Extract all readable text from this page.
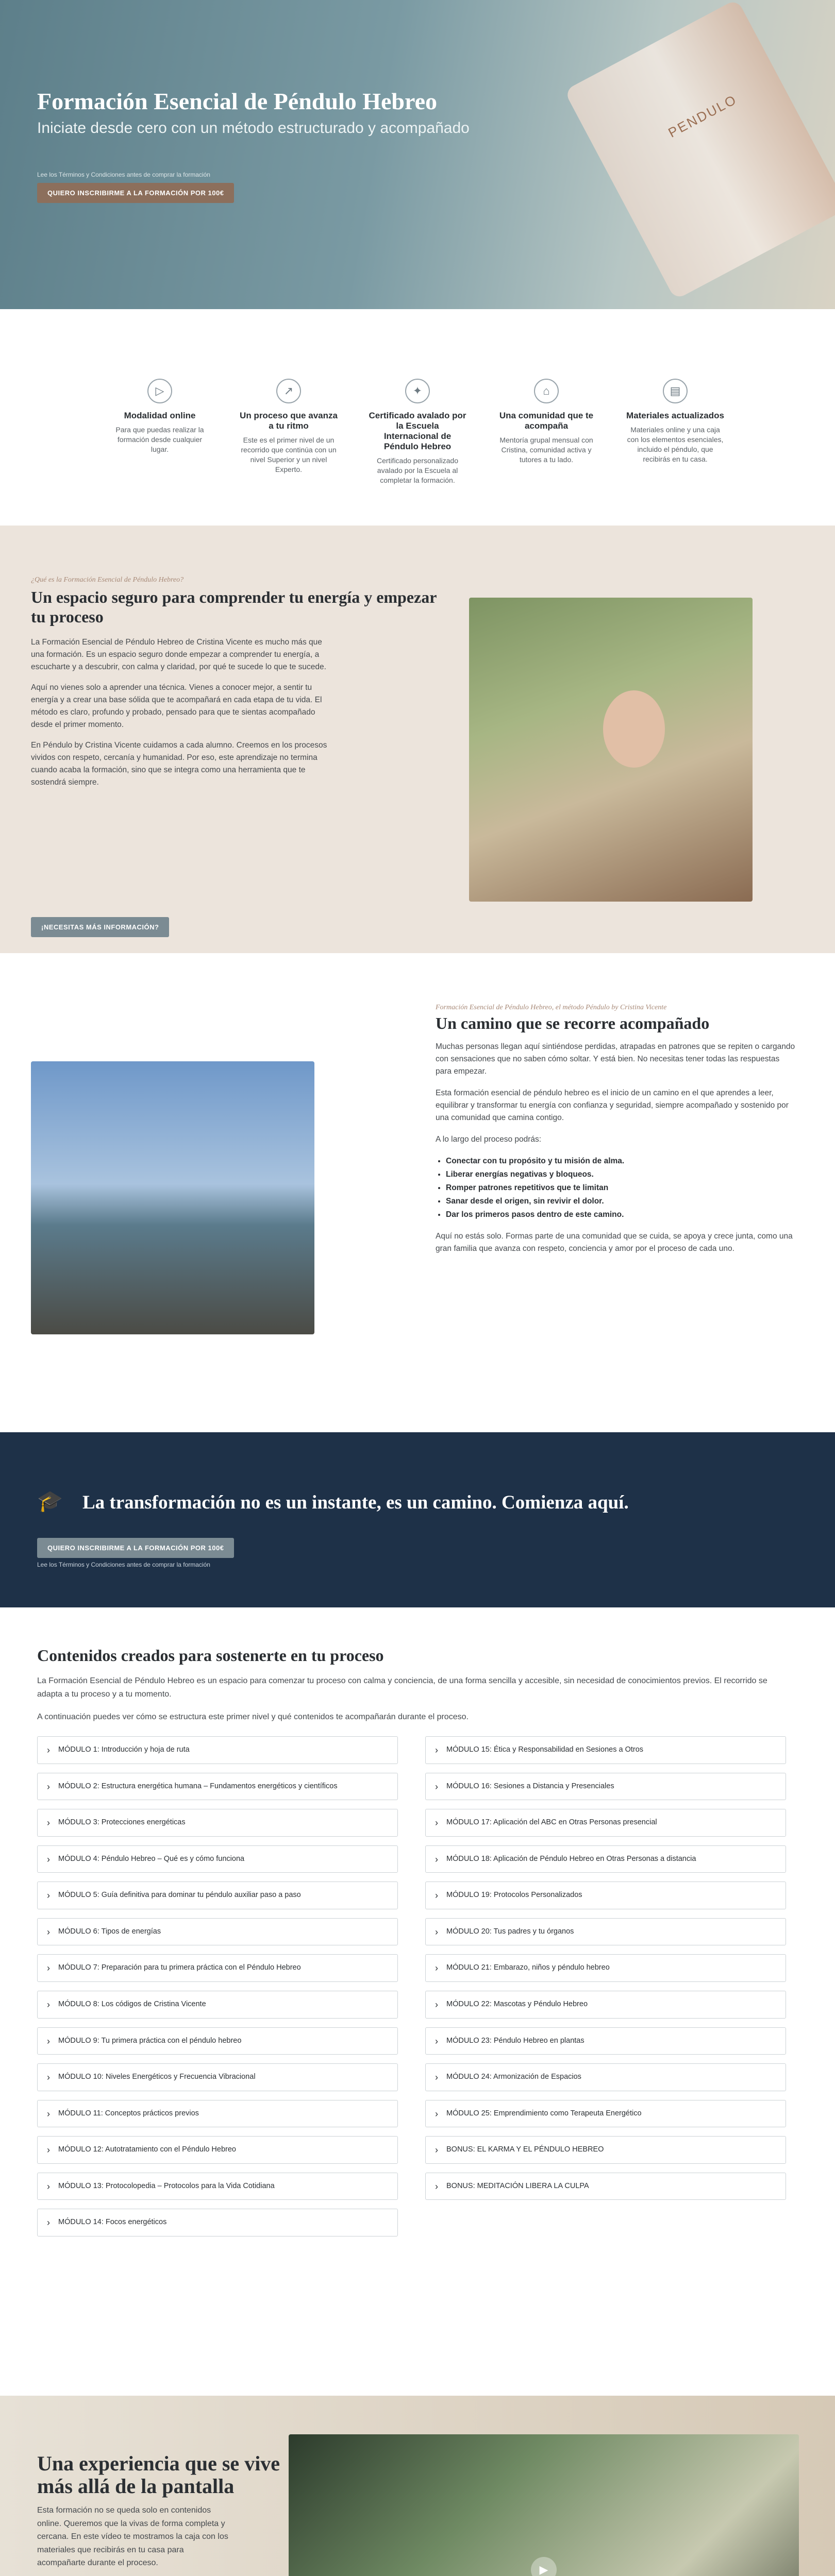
PENDULO
Formación Esencial de Péndulo Hebreo
Iniciate desde cero con un método estructurado y acompañado
Lee los Términos y Condiciones antes de comprar la formación
QUIERO INSCRIBIRME A LA FORMACIÓN POR 100€
▷
Modalidad online

Para que puedas realizar la formación desde cualquier lugar.

↗
Un proceso que avanza a tu ritmo

Este es el primer nivel de un recorrido que continúa con un nivel Superior y un nivel Experto.

✦
Certificado avalado por la Escuela Internacional de Péndulo Hebreo

Certificado personalizado avalado por la Escuela al completar la formación.

⌂
Una comunidad que te acompaña

Mentoría grupal mensual con Cristina, comunidad activa y tutores a tu lado.

▤
Materiales actualizados

Materiales online y una caja con los elementos esenciales, incluido el péndulo, que recibirás en tu casa.

¿Qué es la Formación Esencial de Péndulo Hebreo?
Un espacio seguro para comprender tu energía y empezar tu proceso

La Formación Esencial de Péndulo Hebreo de Cristina Vicente es mucho más que una formación. Es un espacio seguro donde empezar a comprender tu energía, a escucharte y a descubrir, con calma y claridad, por qué te sucede lo que te sucede.

Aquí no vienes solo a aprender una técnica. Vienes a conocer mejor, a sentir tu energía y a crear una base sólida que te acompañará en cada etapa de tu vida. El método es claro, profundo y probado, pensado para que te sientas acompañado desde el primer momento.

En Péndulo by Cristina Vicente cuidamos a cada alumno. Creemos en los procesos vividos con respeto, cercanía y humanidad. Por eso, este aprendizaje no termina cuando acaba la formación, sino que se integra como una herramienta que te sostendrá siempre.

¡NECESITAS MÁS INFORMACIÓN?
Formación Esencial de Péndulo Hebreo, el método Péndulo by Cristina Vicente
Un camino que se recorre acompañado

Muchas personas llegan aquí sintiéndose perdidas, atrapadas en patrones que se repiten o cargando con sensaciones que no saben cómo soltar. Y está bien. No necesitas tener todas las respuestas para empezar.

Esta formación esencial de péndulo hebreo es el inicio de un camino en el que aprendes a leer, equilibrar y transformar tu energía con confianza y seguridad, siempre acompañado y sostenido por una comunidad que camina contigo.

A lo largo del proceso podrás:

• Conectar con tu propósito y tu misión de alma.
• Liberar energías negativas y bloqueos.
• Romper patrones repetitivos que te limitan
• Sanar desde el origen, sin revivir el dolor.
• Dar los primeros pasos dentro de este camino.

Aquí no estás solo. Formas parte de una comunidad que se cuida, se apoya y crece junta, como una gran familia que avanza con respeto, conciencia y amor por el proceso de cada uno.

🎓 La transformación no es un instante, es un camino. Comienza aquí.
QUIERO INSCRIBIRME A LA FORMACIÓN POR 100€
Lee los Términos y Condiciones antes de comprar la formación
Contenidos creados para sostenerte en tu proceso
La Formación Esencial de Péndulo Hebreo es un espacio para comenzar tu proceso con calma y conciencia, de una forma sencilla y accesible, sin necesidad de conocimientos previos. El recorrido se adapta a tu proceso y a tu momento.
A continuación puedes ver cómo se estructura este primer nivel y qué contenidos te acompañarán durante el proceso.
› MÓDULO 1: Introducción y hoja de ruta
› MÓDULO 2: Estructura energética humana – Fundamentos energéticos y científicos
› MÓDULO 3: Protecciones energéticas
› MÓDULO 4: Péndulo Hebreo – Qué es y cómo funciona
› MÓDULO 5: Guía definitiva para dominar tu péndulo auxiliar paso a paso
› MÓDULO 6: Tipos de energías
› MÓDULO 7: Preparación para tu primera práctica con el Péndulo Hebreo
› MÓDULO 8: Los códigos de Cristina Vicente
› MÓDULO 9: Tu primera práctica con el péndulo hebreo
› MÓDULO 10: Niveles Energéticos y Frecuencia Vibracional
› MÓDULO 11: Conceptos prácticos previos
› MÓDULO 12: Autotratamiento con el Péndulo Hebreo
› MÓDULO 13: Protocolopedia – Protocolos para la Vida Cotidiana
› MÓDULO 14: Focos energéticos
› MÓDULO 15: Ética y Responsabilidad en Sesiones a Otros
› MÓDULO 16: Sesiones a Distancia y Presenciales
› MÓDULO 17: Aplicación del ABC en Otras Personas presencial
› MÓDULO 18: Aplicación de Péndulo Hebreo en Otras Personas a distancia
› MÓDULO 19: Protocolos Personalizados
› MÓDULO 20: Tus padres y tu órganos
› MÓDULO 21: Embarazo, niños y péndulo hebreo
› MÓDULO 22: Mascotas y Péndulo Hebreo
› MÓDULO 23: Péndulo Hebreo en plantas
› MÓDULO 24: Armonización de Espacios
› MÓDULO 25: Emprendimiento como Terapeuta Energético
› BONUS: EL KARMA Y EL PÉNDULO HEBREO
› BONUS: MEDITACIÓN LIBERA LA CULPA
Una experiencia que se vive más allá de la pantalla
Esta formación no se queda solo en contenidos online. Queremos que la vivas de forma completa y cercana. En este vídeo te mostramos la caja con los materiales que recibirás en tu casa para acompañarte durante el proceso.
▶
